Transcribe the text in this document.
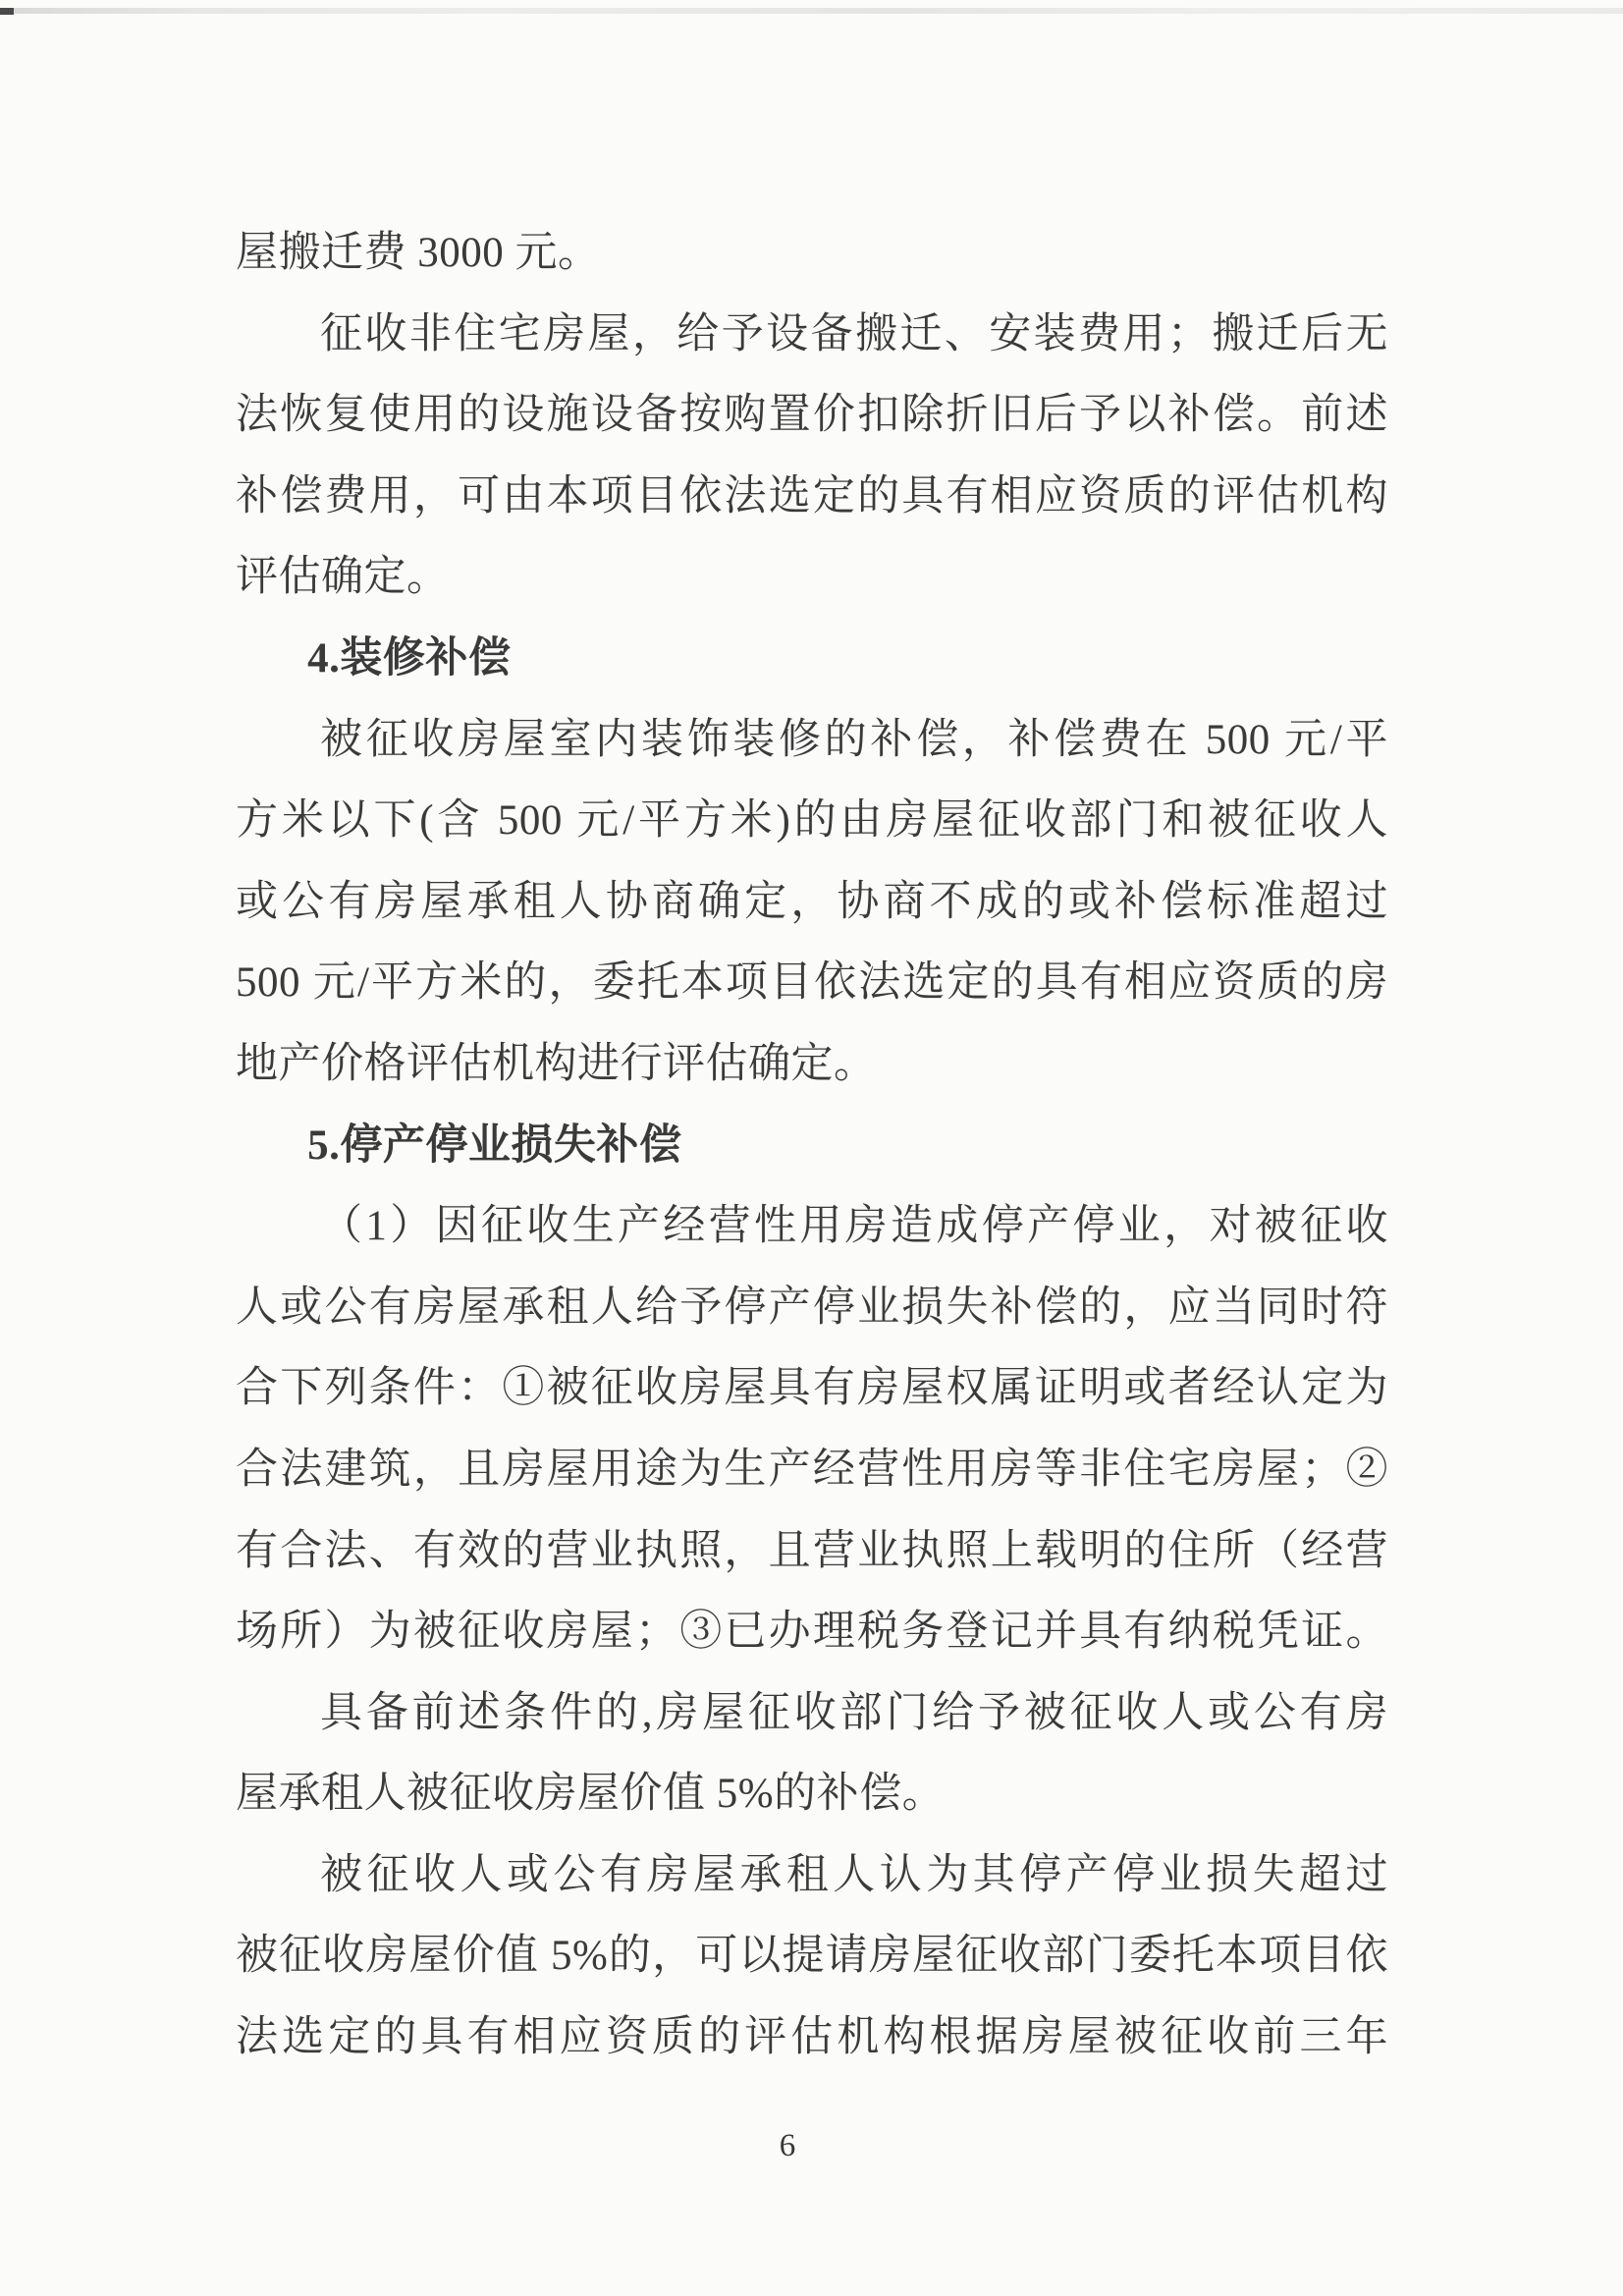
屋搬迁费 3000 元。
征收非住宅房屋，给予设备搬迁、安装费用；搬迁后无
法恢复使用的设施设备按购置价扣除折旧后予以补偿。前述
补偿费用，可由本项目依法选定的具有相应资质的评估机构
评估确定。
4.装修补偿
被征收房屋室内装饰装修的补偿，补偿费在 500 元/平
方米以下(含 500 元/平方米)的由房屋征收部门和被征收人
或公有房屋承租人协商确定，协商不成的或补偿标准超过
500 元/平方米的，委托本项目依法选定的具有相应资质的房
地产价格评估机构进行评估确定。
5.停产停业损失补偿
（1）因征收生产经营性用房造成停产停业，对被征收
人或公有房屋承租人给予停产停业损失补偿的，应当同时符
合下列条件：①被征收房屋具有房屋权属证明或者经认定为
合法建筑，且房屋用途为生产经营性用房等非住宅房屋；②
有合法、有效的营业执照，且营业执照上载明的住所（经营
场所）为被征收房屋；③已办理税务登记并具有纳税凭证。
具备前述条件的,房屋征收部门给予被征收人或公有房
屋承租人被征收房屋价值 5%的补偿。
被征收人或公有房屋承租人认为其停产停业损失超过
被征收房屋价值 5%的，可以提请房屋征收部门委托本项目依
法选定的具有相应资质的评估机构根据房屋被征收前三年
6
